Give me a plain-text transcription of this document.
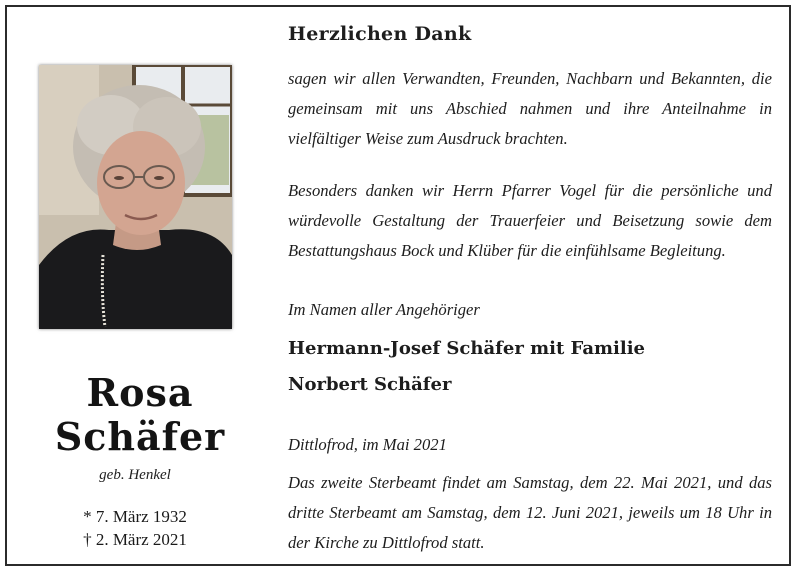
Rosa
Schäfer
geb. Henkel
* 7. März 1932
† 2. März 2021
Herzlichen Dank
sagen wir allen Verwandten, Freunden, Nachbarn und Bekannten, die gemeinsam mit uns Abschied nahmen und ihre Anteilnahme in vielfältiger Weise zum Ausdruck brachten.
Besonders danken wir Herrn Pfarrer Vogel für die persönliche und würdevolle Gestaltung der Trauerfeier und Beisetzung sowie dem Bestattungshaus Bock und Klüber für die einfühlsame Begleitung.
Im Namen aller Angehöriger
Hermann-Josef Schäfer mit Familie
Norbert Schäfer
Dittlofrod, im Mai 2021
Das zweite Sterbeamt findet am Samstag, dem 22. Mai 2021, und das dritte Sterbeamt am Samstag, dem 12. Juni 2021, jeweils um 18 Uhr in der Kirche zu Dittlofrod statt.
